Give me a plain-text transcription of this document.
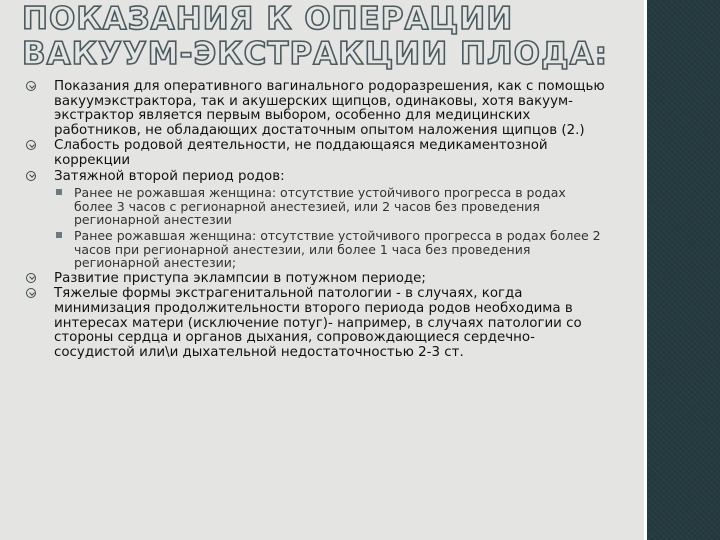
ПОКАЗАНИЯ К ОПЕРАЦИИ ВАКУУМ-ЭКСТРАКЦИИ ПЛОДА:
Показания для оперативного вагинального родоразрешения, как с помощью вакуумэкстрактора, так и акушерских щипцов, одинаковы, хотя вакуум-экстрактор является первым выбором, особенно для медицинских работников, не обладающих достаточным опытом наложения щипцов (2.)
Слабость родовой деятельности, не поддающаяся медикаментозной коррекции
Затяжной второй период родов:
Ранее не рожавшая женщина: отсутствие устойчивого прогресса в родах более 3 часов с регионарной анестезией, или 2 часов без проведения регионарной анестезии
Ранее рожавшая женщина: отсутствие устойчивого прогресса в родах более 2 часов при регионарной анестезии, или более 1 часа без проведения регионарной анестезии;
Развитие приступа эклампсии в потужном периоде;
Тяжелые формы экстрагенитальной патологии - в случаях, когда минимизация продолжительности второго периода родов необходима в интересах матери (исключение потуг)- например, в случаях патологии со стороны сердца и органов дыхания, сопровождающиеся сердечно-сосудистой или\и дыхательной недостаточностью 2-3 ст.
